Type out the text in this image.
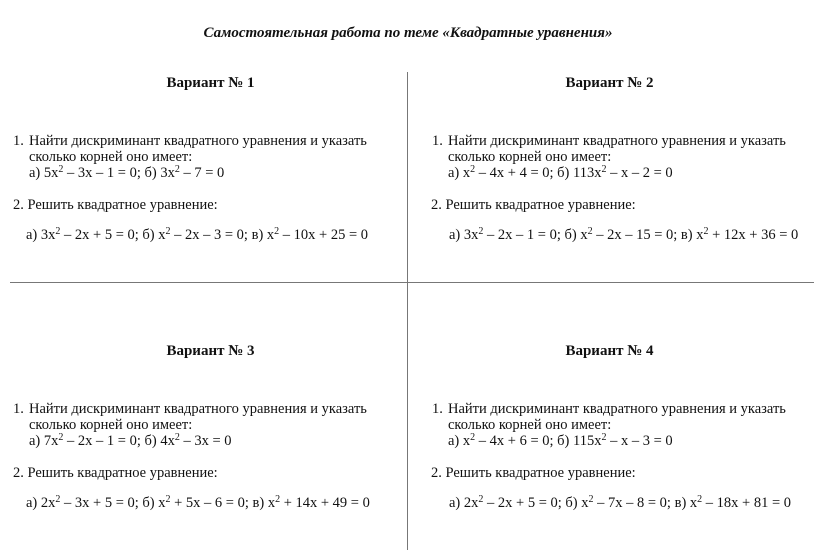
Самостоятельная работа по теме «Квадратные уравнения»
Вариант № 1
1. Найти дискриминант квадратного уравнения и указать
сколько корней оно имеет:
а) $5х^2 - 3х - 1 = 0$; б) $3х^2 - 7 = 0$
2. Решить квадратное уравнение:
а) $3х^2 - 2х + 5 = 0$; б) $х^2 - 2х - 3 = 0$; в) $х^2 - 10х + 25 = 0$
Вариант № 2
1. Найти дискриминант квадратного уравнения и указать
сколько корней оно имеет:
а) $х^2 - 4х + 4 = 0$; б) $113х^2 - х - 2 = 0$
2. Решить квадратное уравнение:
а) $3х^2 - 2х - 1 = 0$; б) $х^2 - 2х - 15 = 0$; в) $х^2 + 12х + 36 = 0$
Вариант № 3
1. Найти дискриминант квадратного уравнения и указать
сколько корней оно имеет:
а) $7х^2 - 2х - 1 = 0$; б) $4х^2 - 3х = 0$
2. Решить квадратное уравнение:
а) $2х^2 - 3х + 5 = 0$; б) $х^2 + 5х - 6 = 0$; в) $х^2 + 14х + 49 = 0$
Вариант № 4
1. Найти дискриминант квадратного уравнения и указать
сколько корней оно имеет:
а) $х^2 - 4х + 6 = 0$; б) $115х^2 - х - 3 = 0$
2. Решить квадратное уравнение:
а) $2х^2 - 2х + 5 = 0$; б) $х^2 - 7х - 8 = 0$; в) $х^2 - 18х + 81 = 0$
